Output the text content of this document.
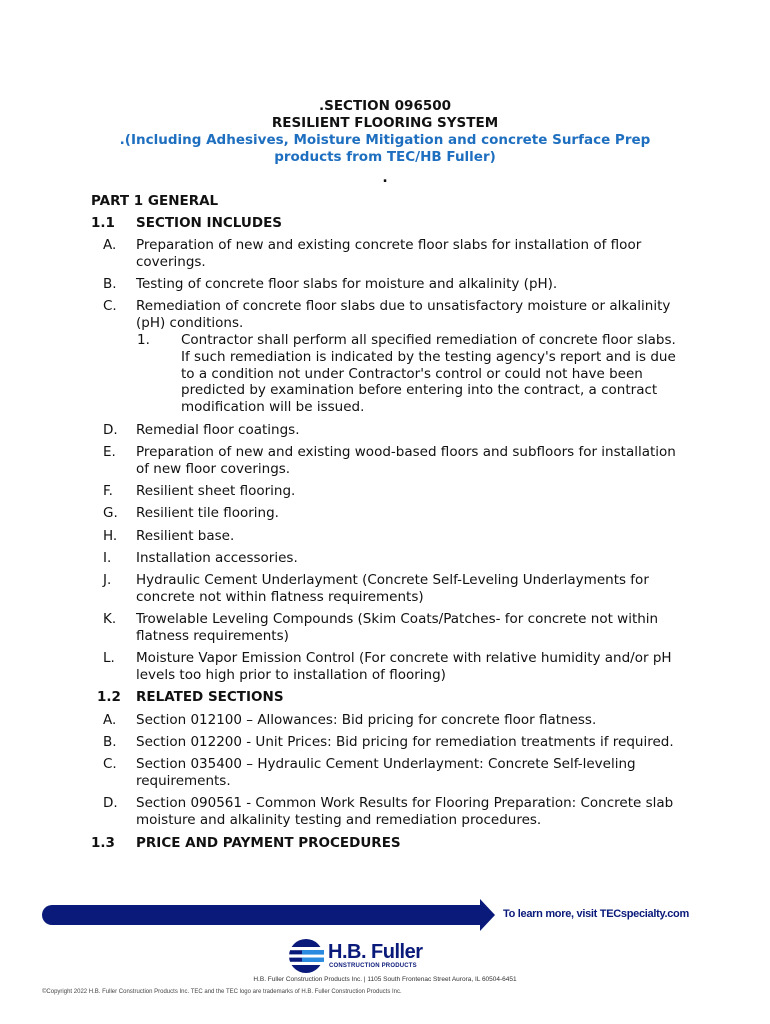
.SECTION 096500
RESILIENT FLOORING SYSTEM
.(Including Adhesives, Moisture Mitigation and concrete Surface Prep
products from TEC/HB Fuller)
.
PART 1 GENERAL
1.1 SECTION INCLUDES
A. Preparation of new and existing concrete floor slabs for installation of floor coverings.
B. Testing of concrete floor slabs for moisture and alkalinity (pH).
C. Remediation of concrete floor slabs due to unsatisfactory moisture or alkalinity (pH) conditions.
1. Contractor shall perform all specified remediation of concrete floor slabs. If such remediation is indicated by the testing agency's report and is due to a condition not under Contractor's control or could not have been predicted by examination before entering into the contract, a contract modification will be issued.
D. Remedial floor coatings.
E. Preparation of new and existing wood-based floors and subfloors for installation of new floor coverings.
F. Resilient sheet flooring.
G. Resilient tile flooring.
H. Resilient base.
I. Installation accessories.
J. Hydraulic Cement Underlayment (Concrete Self-Leveling Underlayments for concrete not within flatness requirements)
K. Trowelable Leveling Compounds (Skim Coats/Patches- for concrete not within flatness requirements)
L. Moisture Vapor Emission Control (For concrete with relative humidity and/or pH levels too high prior to installation of flooring)
1.2 RELATED SECTIONS
A. Section 012100 – Allowances: Bid pricing for concrete floor flatness.
B. Section 012200 - Unit Prices: Bid pricing for remediation treatments if required.
C. Section 035400 – Hydraulic Cement Underlayment: Concrete Self-leveling requirements.
D. Section 090561 - Common Work Results for Flooring Preparation: Concrete slab moisture and alkalinity testing and remediation procedures.
1.3 PRICE AND PAYMENT PROCEDURES
To learn more, visit TECspecialty.com
H.B. Fuller
CONSTRUCTION PRODUCTS
H.B. Fuller Construction Products Inc. | 1105 South Frontenac Street Aurora, IL 60504-6451
©Copyright 2022 H.B. Fuller Construction Products Inc. TEC and the TEC logo are trademarks of H.B. Fuller Construction Products Inc.
